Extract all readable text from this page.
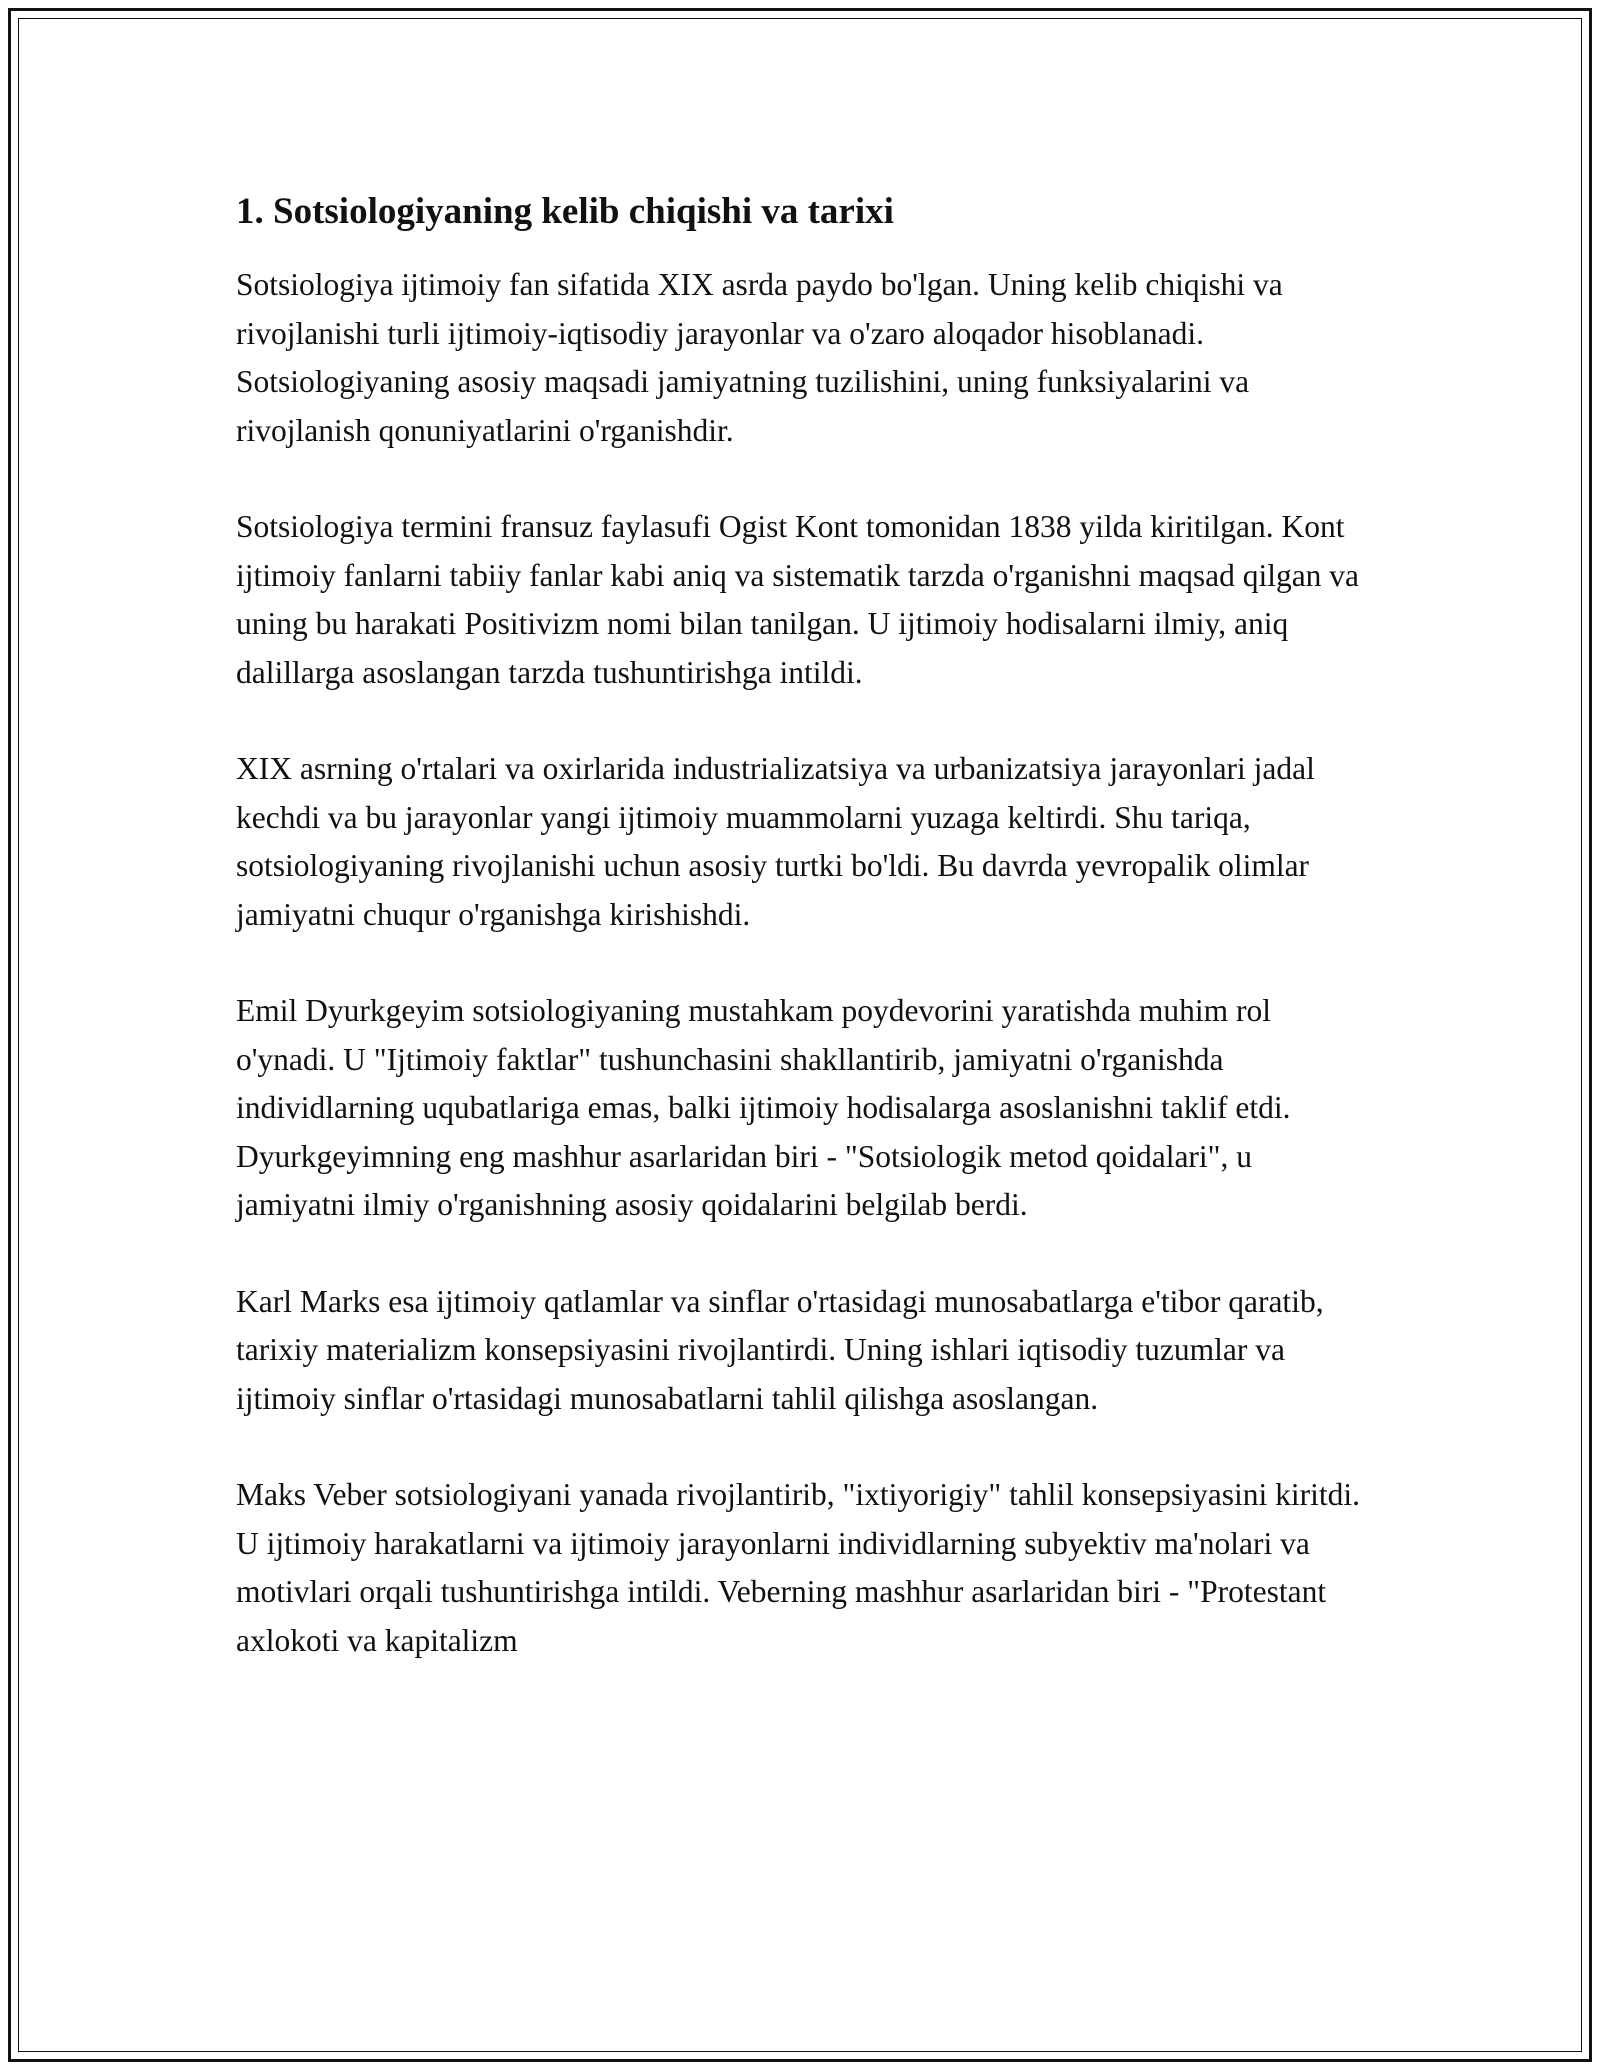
1. Sotsiologiyaning kelib chiqishi va tarixi

Sotsiologiya ijtimoiy fan sifatida XIX asrda paydo bo'lgan. Uning kelib chiqishi va rivojlanishi turli ijtimoiy-iqtisodiy jarayonlar va o'zaro aloqador hisoblanadi. Sotsiologiyaning asosiy maqsadi jamiyatning tuzilishini, uning funksiyalarini va rivojlanish qonuniyatlarini o'rganishdir.

Sotsiologiya termini fransuz faylasufi Ogist Kont tomonidan 1838 yilda kiritilgan. Kont ijtimoiy fanlarni tabiiy fanlar kabi aniq va sistematik tarzda o'rganishni maqsad qilgan va uning bu harakati Positivizm nomi bilan tanilgan. U ijtimoiy hodisalarni ilmiy, aniq dalillarga asoslangan tarzda tushuntirishga intildi.

XIX asrning o'rtalari va oxirlarida industrializatsiya va urbanizatsiya jarayonlari jadal kechdi va bu jarayonlar yangi ijtimoiy muammolarni yuzaga keltirdi. Shu tariqa, sotsiologiyaning rivojlanishi uchun asosiy turtki bo'ldi. Bu davrda yevropalik olimlar jamiyatni chuqur o'rganishga kirishishdi.

Emil Dyurkgeyim sotsiologiyaning mustahkam poydevorini yaratishda muhim rol o'ynadi. U "Ijtimoiy faktlar" tushunchasini shakllantirib, jamiyatni o'rganishda individlarning uqubatlariga emas, balki ijtimoiy hodisalarga asoslanishni taklif etdi. Dyurkgeyimning eng mashhur asarlaridan biri - "Sotsiologik metod qoidalari", u jamiyatni ilmiy o'rganishning asosiy qoidalarini belgilab berdi.

Karl Marks esa ijtimoiy qatlamlar va sinflar o'rtasidagi munosabatlarga e'tibor qaratib, tarixiy materializm konsepsiyasini rivojlantirdi. Uning ishlari iqtisodiy tuzumlar va ijtimoiy sinflar o'rtasidagi munosabatlarni tahlil qilishga asoslangan.

Maks Veber sotsiologiyani yanada rivojlantirib, "ixtiyorigiy" tahlil konsepsiyasini kiritdi. U ijtimoiy harakatlarni va ijtimoiy jarayonlarni individlarning subyektiv ma'nolari va motivlari orqali tushuntirishga intildi. Veberning mashhur asarlaridan biri - "Protestant axlokoti va kapitalizm
